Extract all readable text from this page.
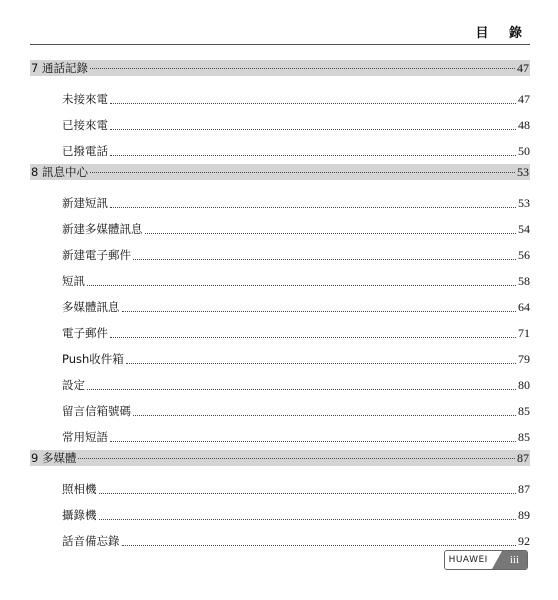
目 錄
7 通話記錄	47
未接來電	47
已接來電	48
已撥電話	50
8 訊息中心	53
新建短訊	53
新建多媒體訊息	54
新建電子郵件	56
短訊	58
多媒體訊息	64
電子郵件	71
Push收件箱	79
設定	80
留言信箱號碼	85
常用短語	85
9 多媒體	87
照相機	87
攝錄機	89
話音備忘錄	92
HUAWEI	iii
